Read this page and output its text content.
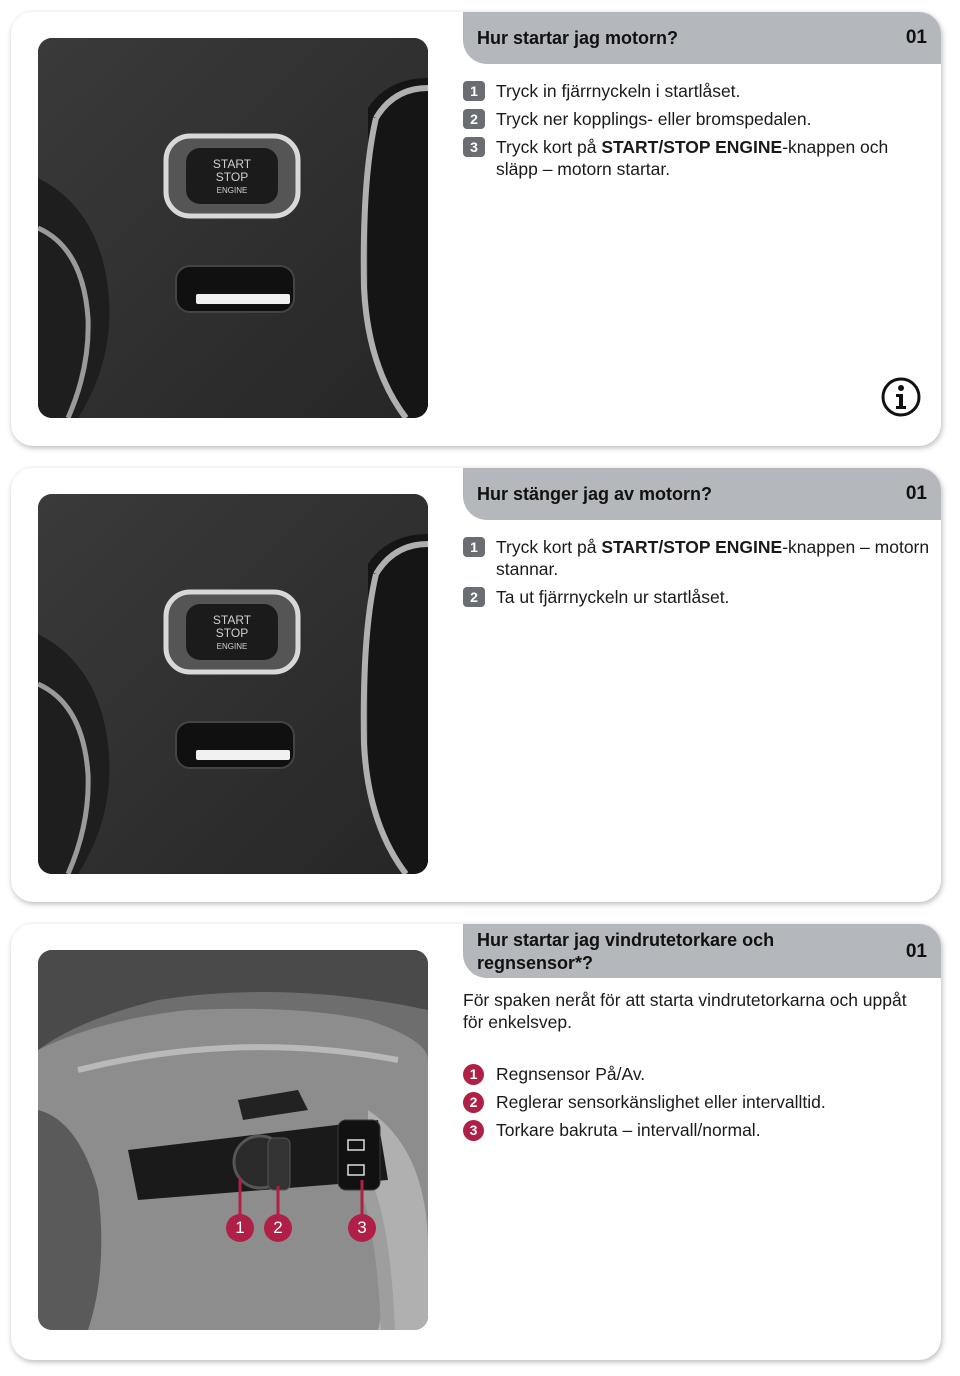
START
STOP
ENGINE
Hur startar jag motorn?	01
1	Tryck in fjärrnyckeln i startlåset.
2	Tryck ner kopplings- eller bromspedalen.
3	Tryck kort på START/STOP ENGINE-knappen och släpp – motorn startar.
START
STOP
ENGINE
Hur stänger jag av motorn?	01
1	Tryck kort på START/STOP ENGINE-knappen – motorn stannar.
2	Ta ut fjärrnyckeln ur startlåset.
1	2	3
Hur startar jag vindrutetorkare och
regnsensor*?
01
För spaken neråt för att starta vindrutetorkarna och uppåt för enkelsvep.
1	Regnsensor På/Av.
2	Reglerar sensorkänslighet eller intervalltid.
3	Torkare bakruta – intervall/normal.
